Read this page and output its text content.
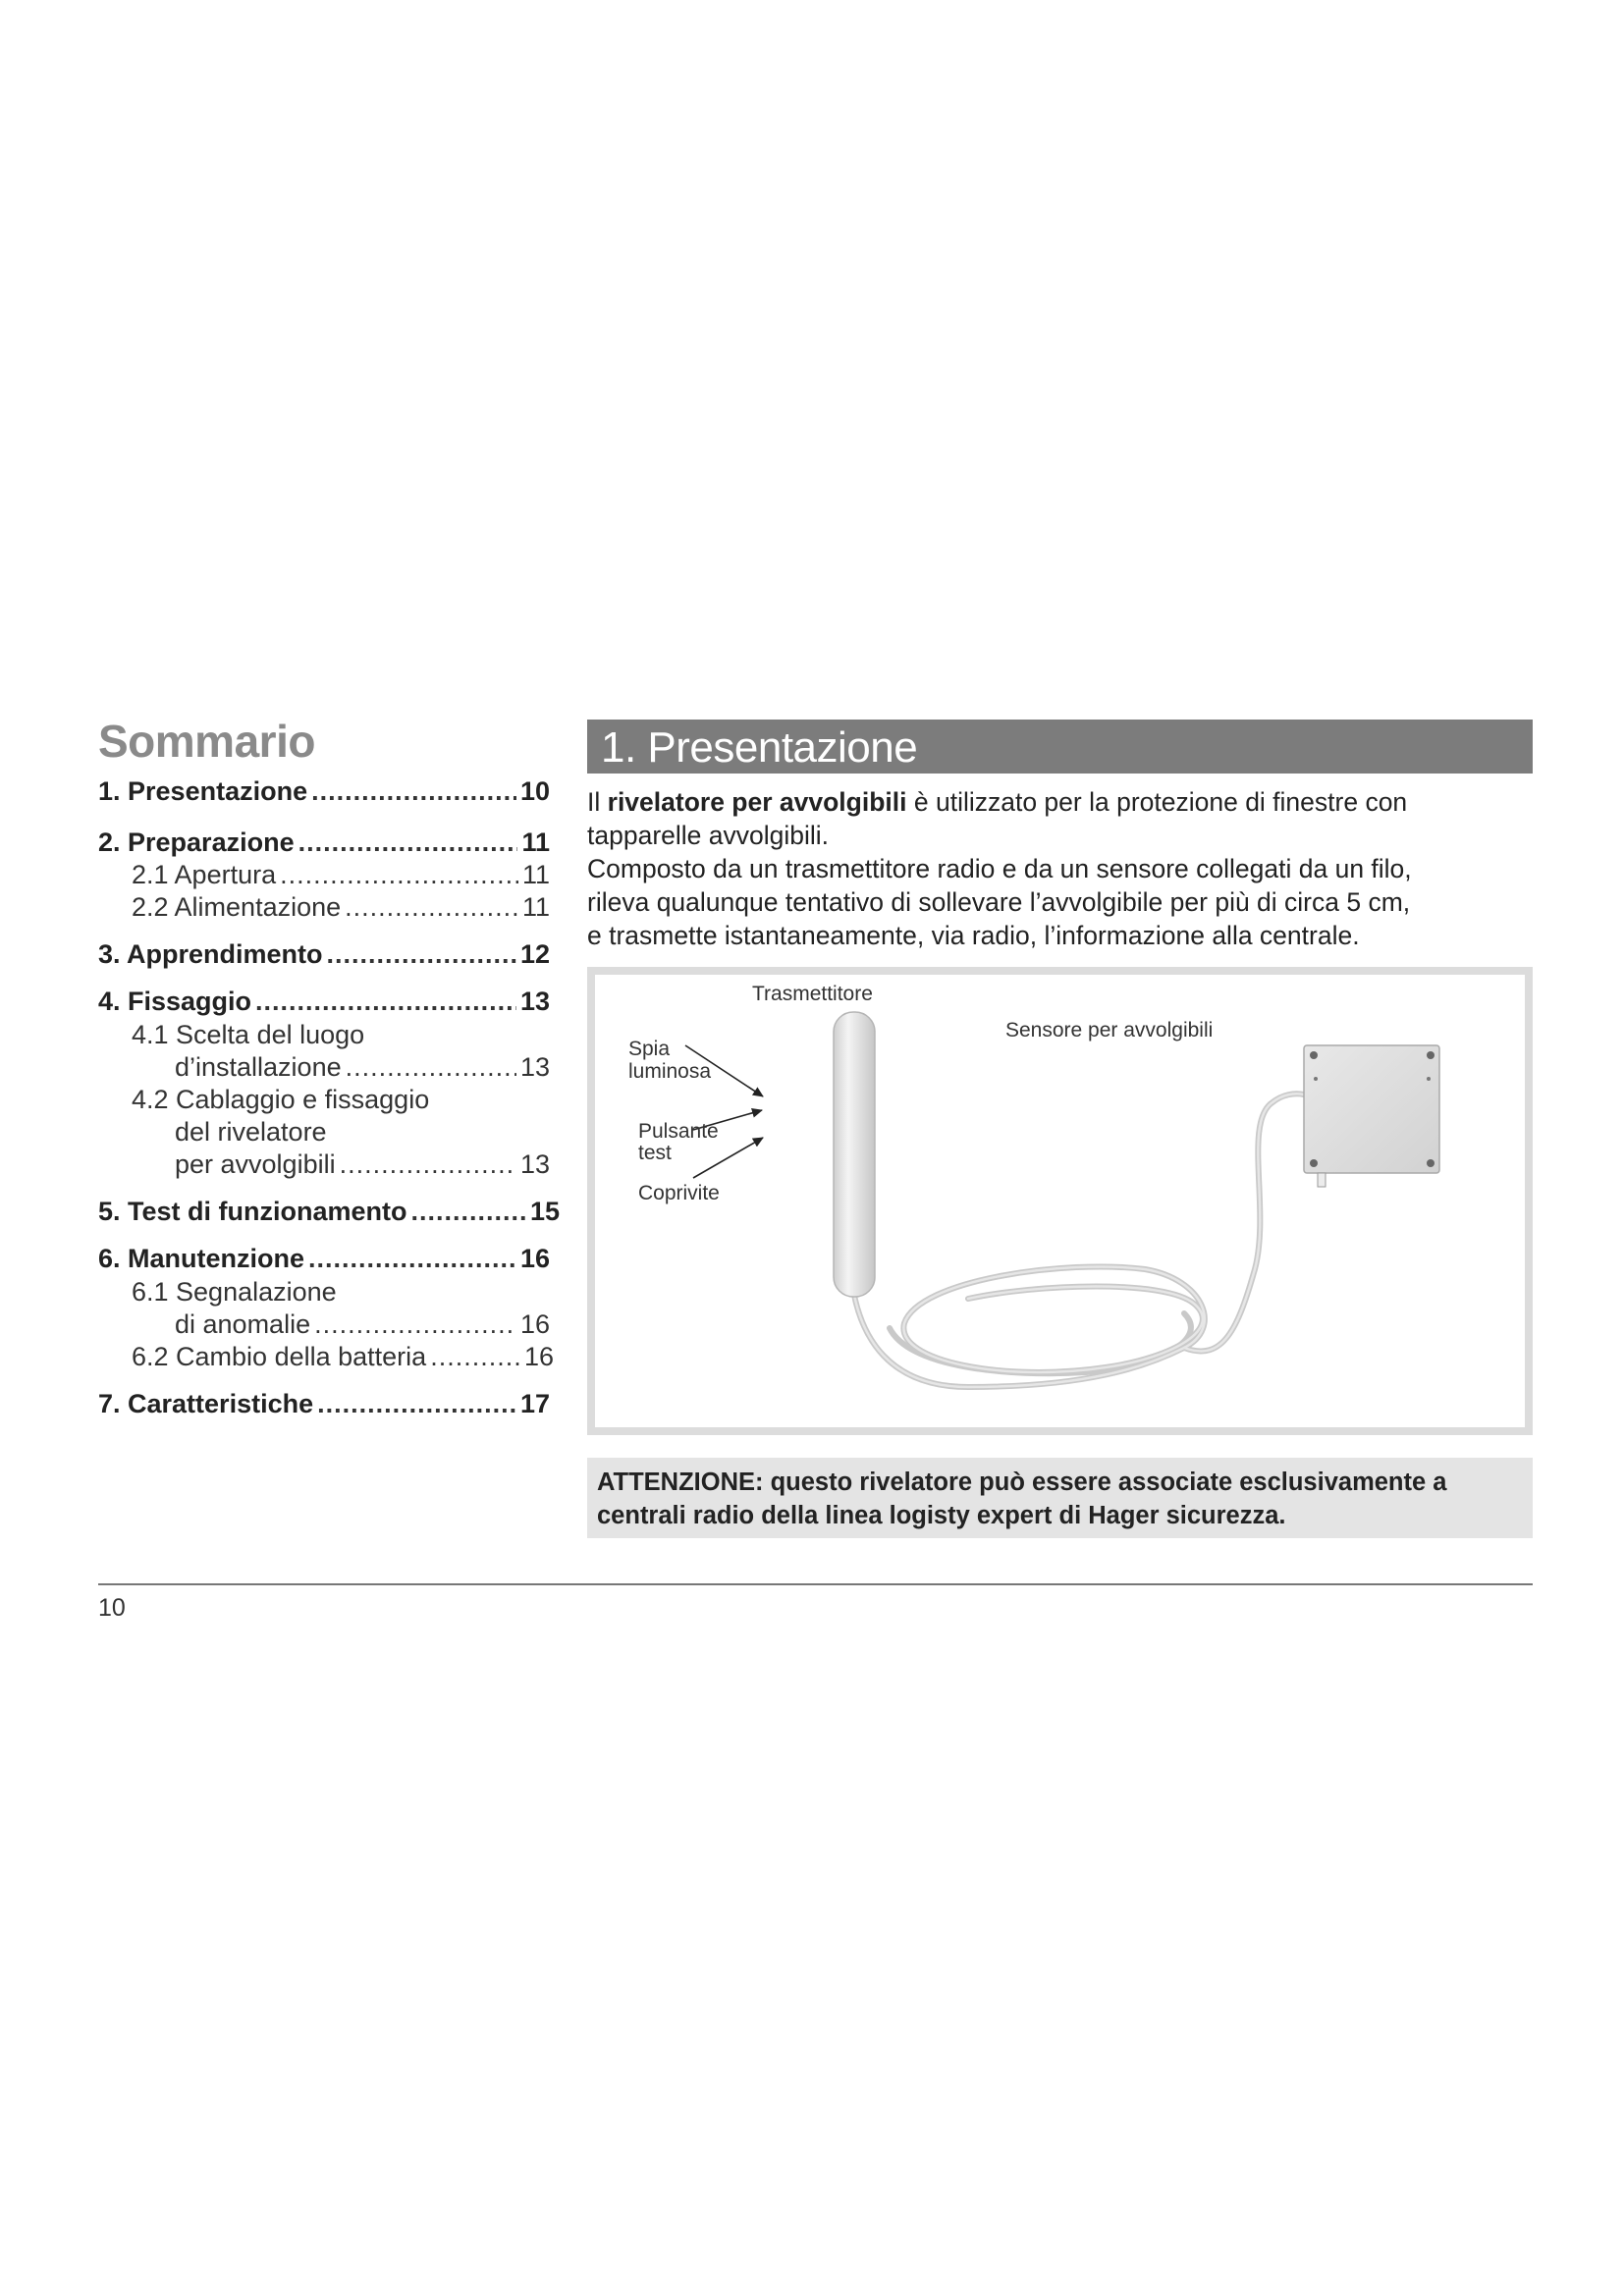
Sommario
1. Presentazione .....	10
2. Preparazione .....	11
2.1 Apertura .....	11
2.2 Alimentazione .....	11
3. Apprendimento .....	12
4. Fissaggio .....	13
4.1 Scelta del luogo
d’installazione .....	13
4.2 Cablaggio e fissaggio
del rivelatore
per avvolgibili .....	13
5. Test di funzionamento .....	15
6. Manutenzione .....	16
6.1 Segnalazione
di anomalie .....	16
6.2 Cambio della batteria .....	16
7. Caratteristiche .....	17
1. Presentazione

Il rivelatore per avvolgibili è utilizzato per la protezione di finestre con
tapparelle avvolgibili.
Composto da un trasmettitore radio e da un sensore collegati da un filo,
rileva qualunque tentativo di sollevare l’avvolgibile per più di circa 5 cm,
e trasmette istantaneamente, via radio, l’informazione alla centrale.

Trasmettitore
Sensore per avvolgibili
Spia
luminosa
Pulsante
test
Coprivite

ATTENZIONE: questo rivelatore può essere associate esclusivamente a centrali radio della linea logisty expert di Hager sicurezza.

10
